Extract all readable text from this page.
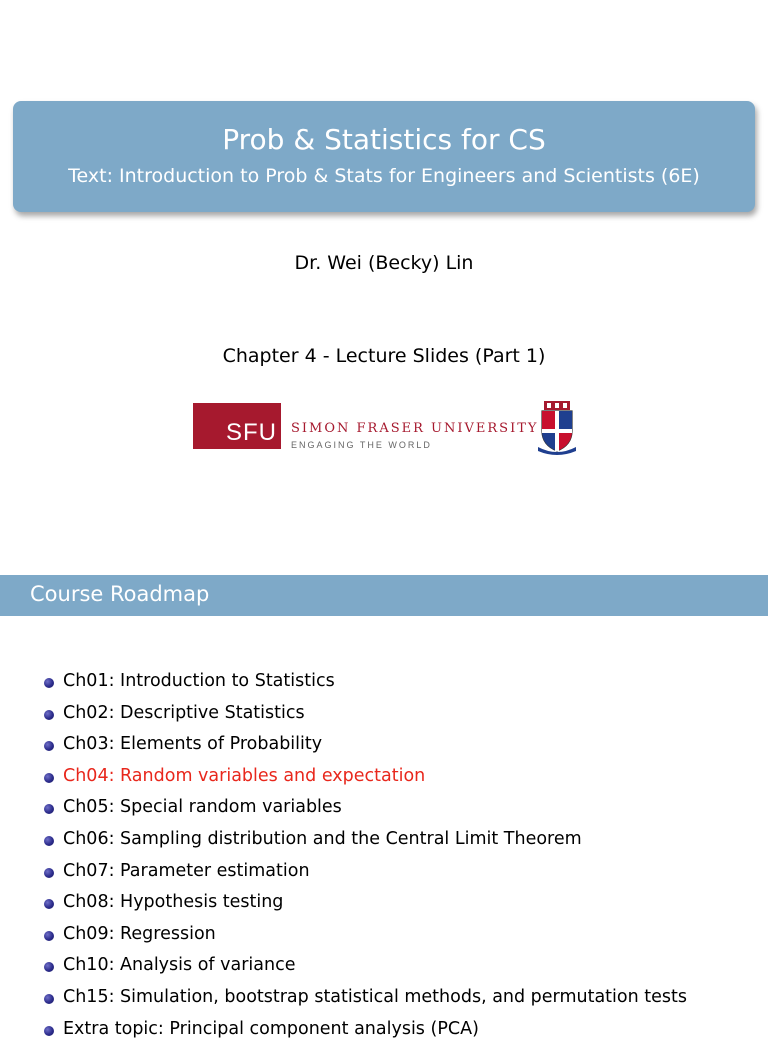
Prob & Statistics for CS
Text: Introduction to Prob & Stats for Engineers and Scientists (6E)
Dr. Wei (Becky) Lin
Chapter 4 - Lecture Slides (Part 1)
SFU SIMON FRASER UNIVERSITY
ENGAGING THE WORLD
Course Roadmap
Ch01: Introduction to Statistics
Ch02: Descriptive Statistics
Ch03: Elements of Probability
Ch04: Random variables and expectation
Ch05: Special random variables
Ch06: Sampling distribution and the Central Limit Theorem
Ch07: Parameter estimation
Ch08: Hypothesis testing
Ch09: Regression
Ch10: Analysis of variance
Ch15: Simulation, bootstrap statistical methods, and permutation tests
Extra topic: Principal component analysis (PCA)
